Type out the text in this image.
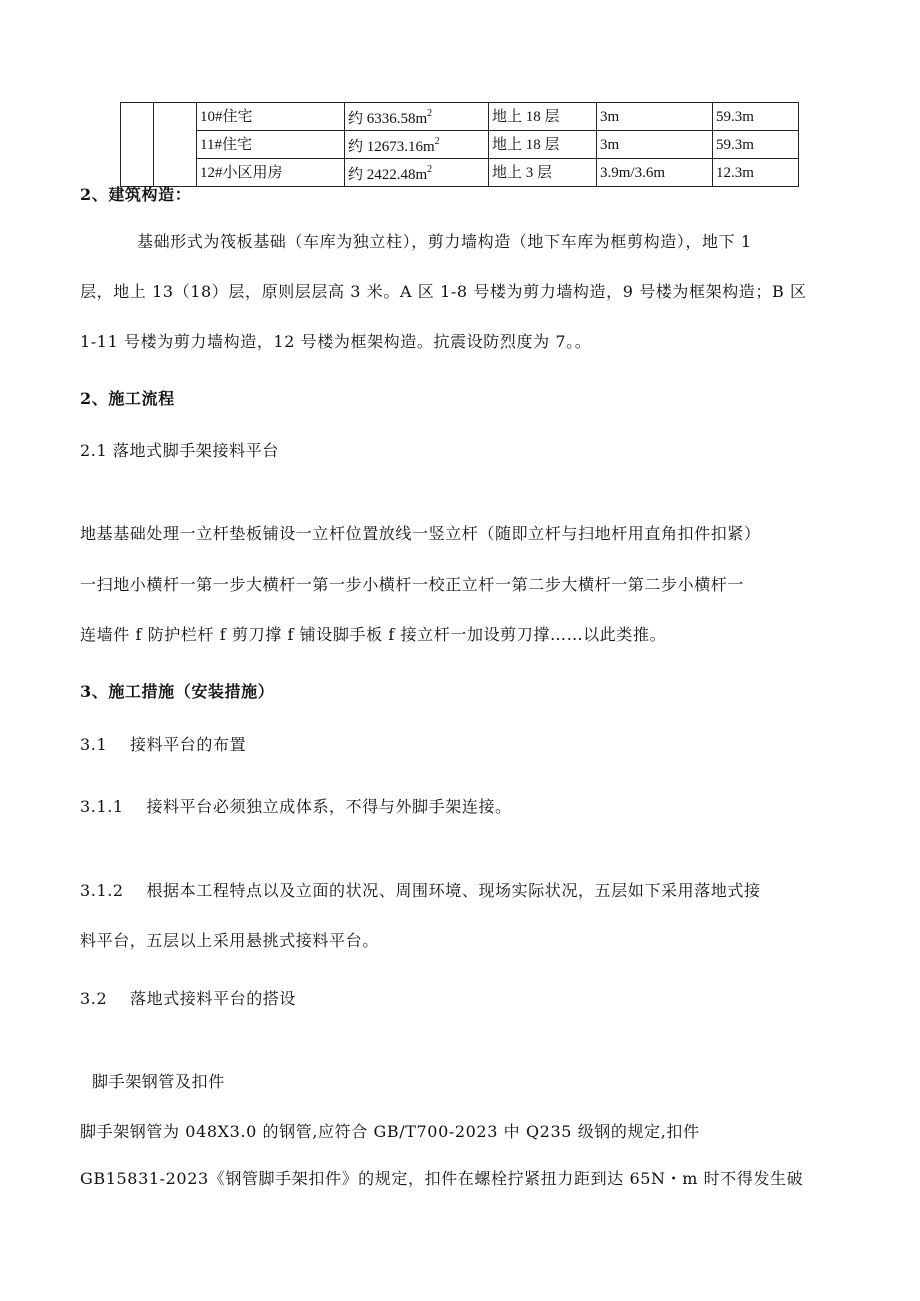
		10#住宅	约 $6336.58m^2$	地上 18 层	3m	59.3m
		11#住宅	约 $12673.16m^2$	地上 18 层	3m	59.3m
		12#小区用房	约 $2422.48m^2$	地上 3 层	3.9m/3.6m	12.3m
2、建筑构造：
基础形式为筏板基础（车库为独立柱），剪力墙构造（地下车库为框剪构造），地下 1
层，地上 13（18）层，原则层层高 3 米。A 区 1-8 号楼为剪力墙构造，9 号楼为框架构造；B 区
1-11 号楼为剪力墙构造，12 号楼为框架构造。抗震设防烈度为 7。。
2、施工流程
2.1 落地式脚手架接料平台
地基基础处理一立杆垫板铺设一立杆位置放线一竖立杆（随即立杆与扫地杆用直角扣件扣紧）
一扫地小横杆一第一步大横杆一第一步小横杆一校正立杆一第二步大横杆一第二步小横杆一
连墙件 f 防护栏杆 f 剪刀撑 f 铺设脚手板 f 接立杆一加设剪刀撑……以此类推。
3、施工措施（安装措施）
3.1    接料平台的布置
3.1.1    接料平台必须独立成体系，不得与外脚手架连接。
3.1.2    根据本工程特点以及立面的状况、周围环境、现场实际状况，五层如下采用落地式接
料平台，五层以上采用悬挑式接料平台。
3.2    落地式接料平台的搭设
脚手架钢管及扣件
脚手架钢管为 048X3.0 的钢管,应符合 GB/T700-2023 中 Q235 级钢的规定,扣件
GB15831-2023《钢管脚手架扣件》的规定，扣件在螺栓拧紧扭力距到达 65N・m 时不得发生破
